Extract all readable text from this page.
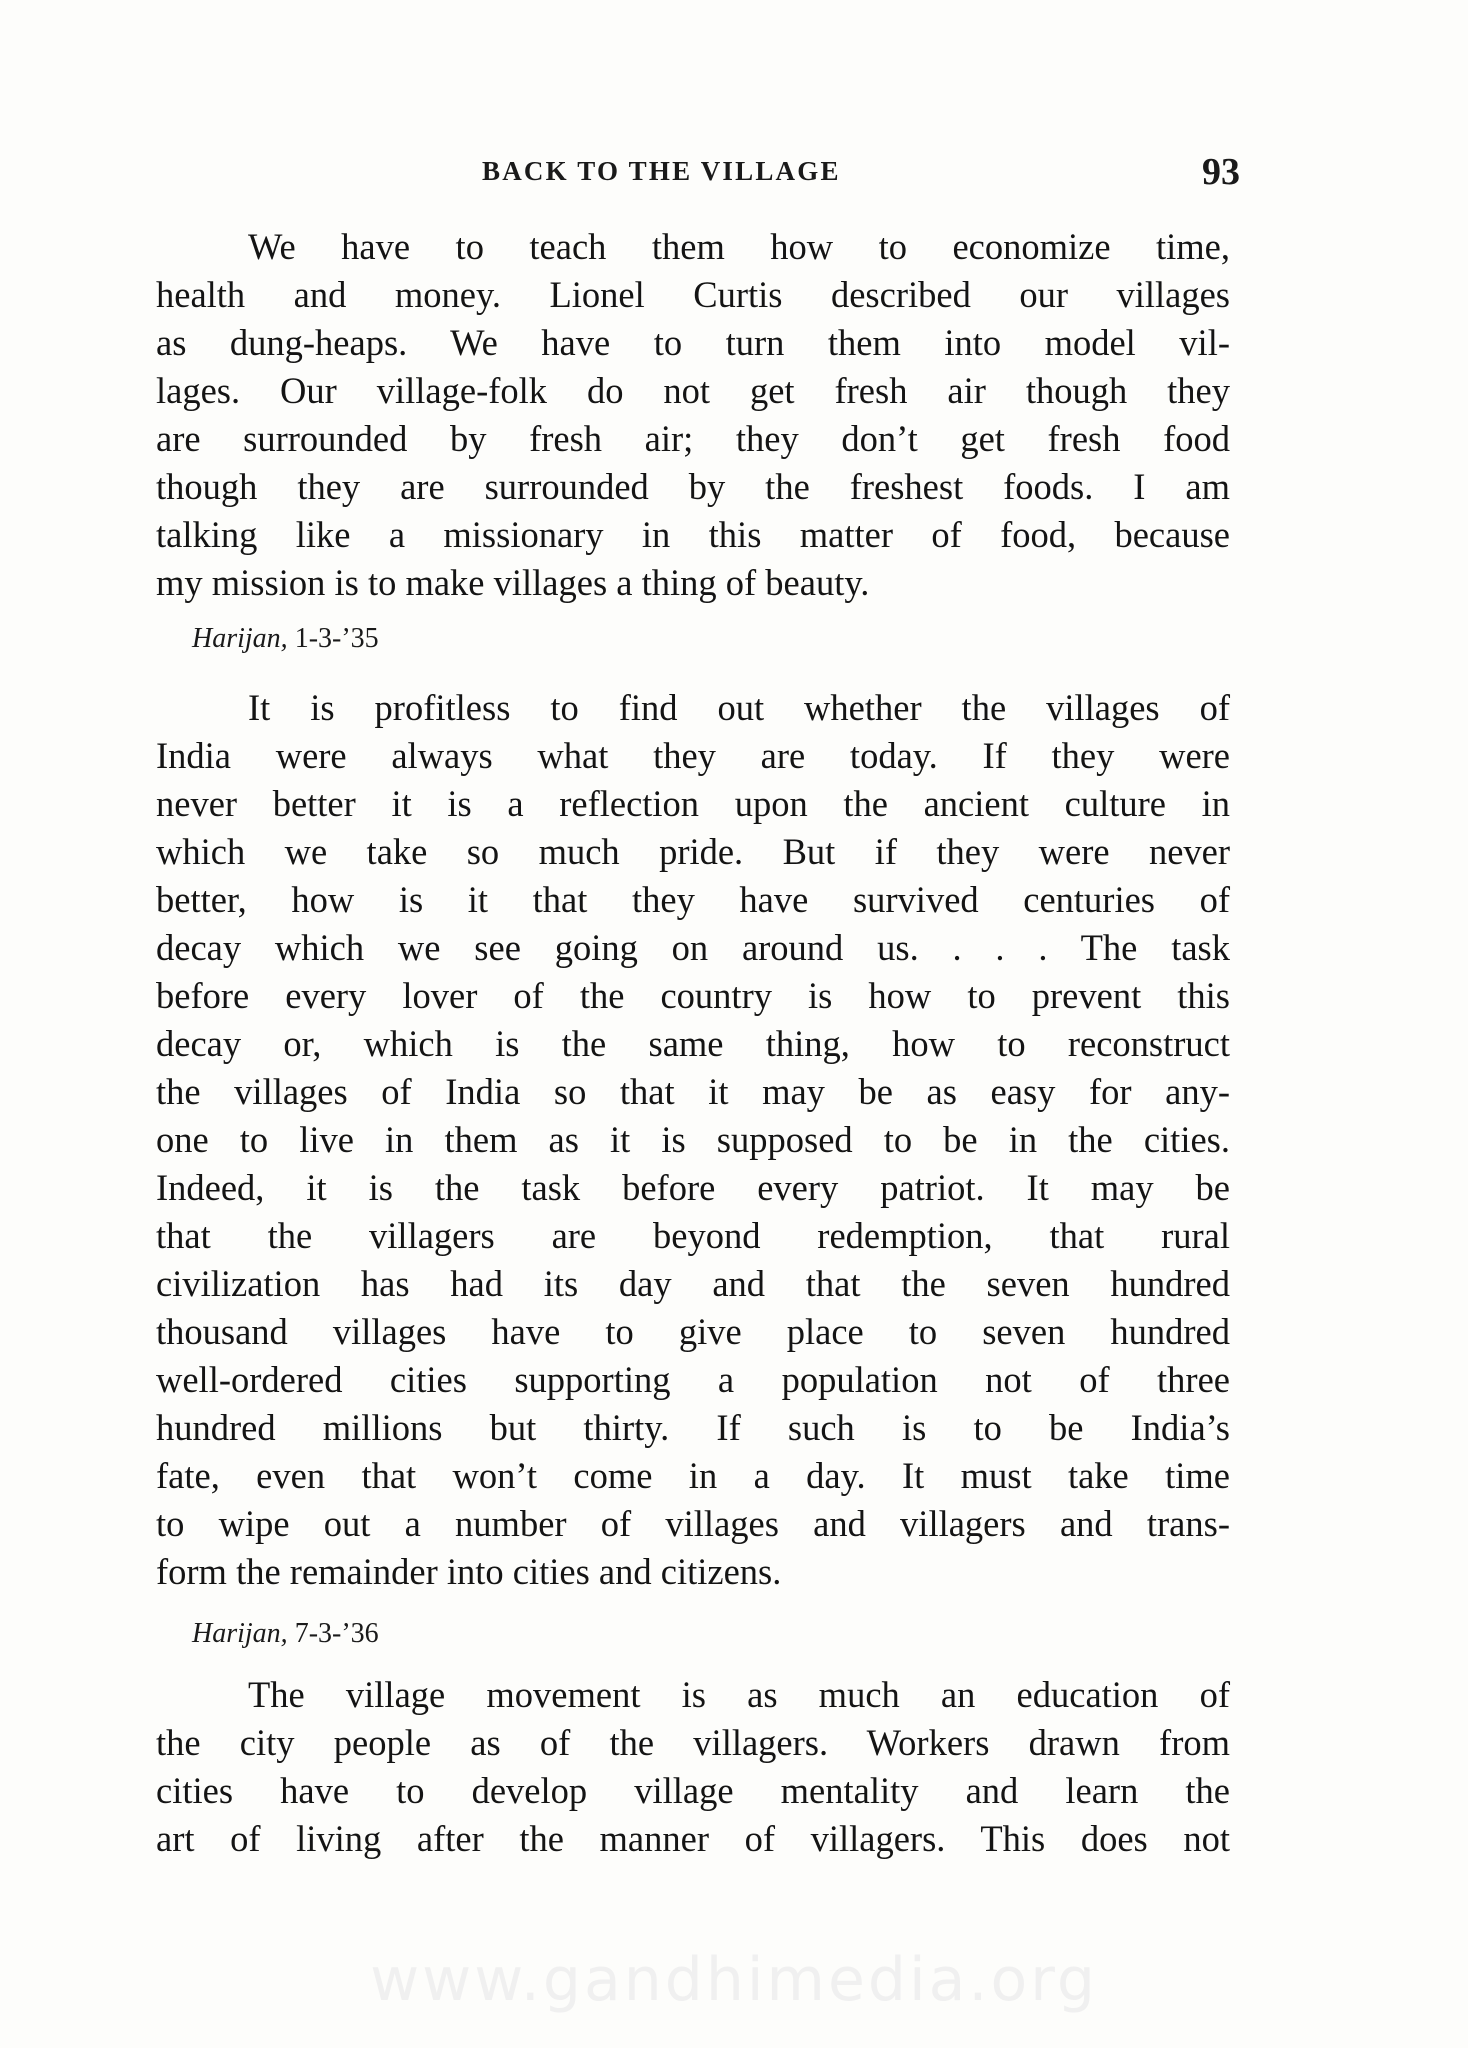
BACK TO THE VILLAGE	93
We have to teach them how to economize time,
health and money. Lionel Curtis described our villages
as dung-heaps. We have to turn them into model vil-
lages. Our village-folk do not get fresh air though they
are surrounded by fresh air; they don’t get fresh food
though they are surrounded by the freshest foods. I am
talking like a missionary in this matter of food, because
my mission is to make villages a thing of beauty.
Harijan, 1-3-’35
It is profitless to find out whether the villages of
India were always what they are today. If they were
never better it is a reflection upon the ancient culture in
which we take so much pride. But if they were never
better, how is it that they have survived centuries of
decay which we see going on around us. . . . The task
before every lover of the country is how to prevent this
decay or, which is the same thing, how to reconstruct
the villages of India so that it may be as easy for any-
one to live in them as it is supposed to be in the cities.
Indeed, it is the task before every patriot. It may be
that the villagers are beyond redemption, that rural
civilization has had its day and that the seven hundred
thousand villages have to give place to seven hundred
well-ordered cities supporting a population not of three
hundred millions but thirty. If such is to be India’s
fate, even that won’t come in a day. It must take time
to wipe out a number of villages and villagers and trans-
form the remainder into cities and citizens.
Harijan, 7-3-’36
The village movement is as much an education of
the city people as of the villagers. Workers drawn from
cities have to develop village mentality and learn the
art of living after the manner of villagers. This does not
www.gandhimedia.org
